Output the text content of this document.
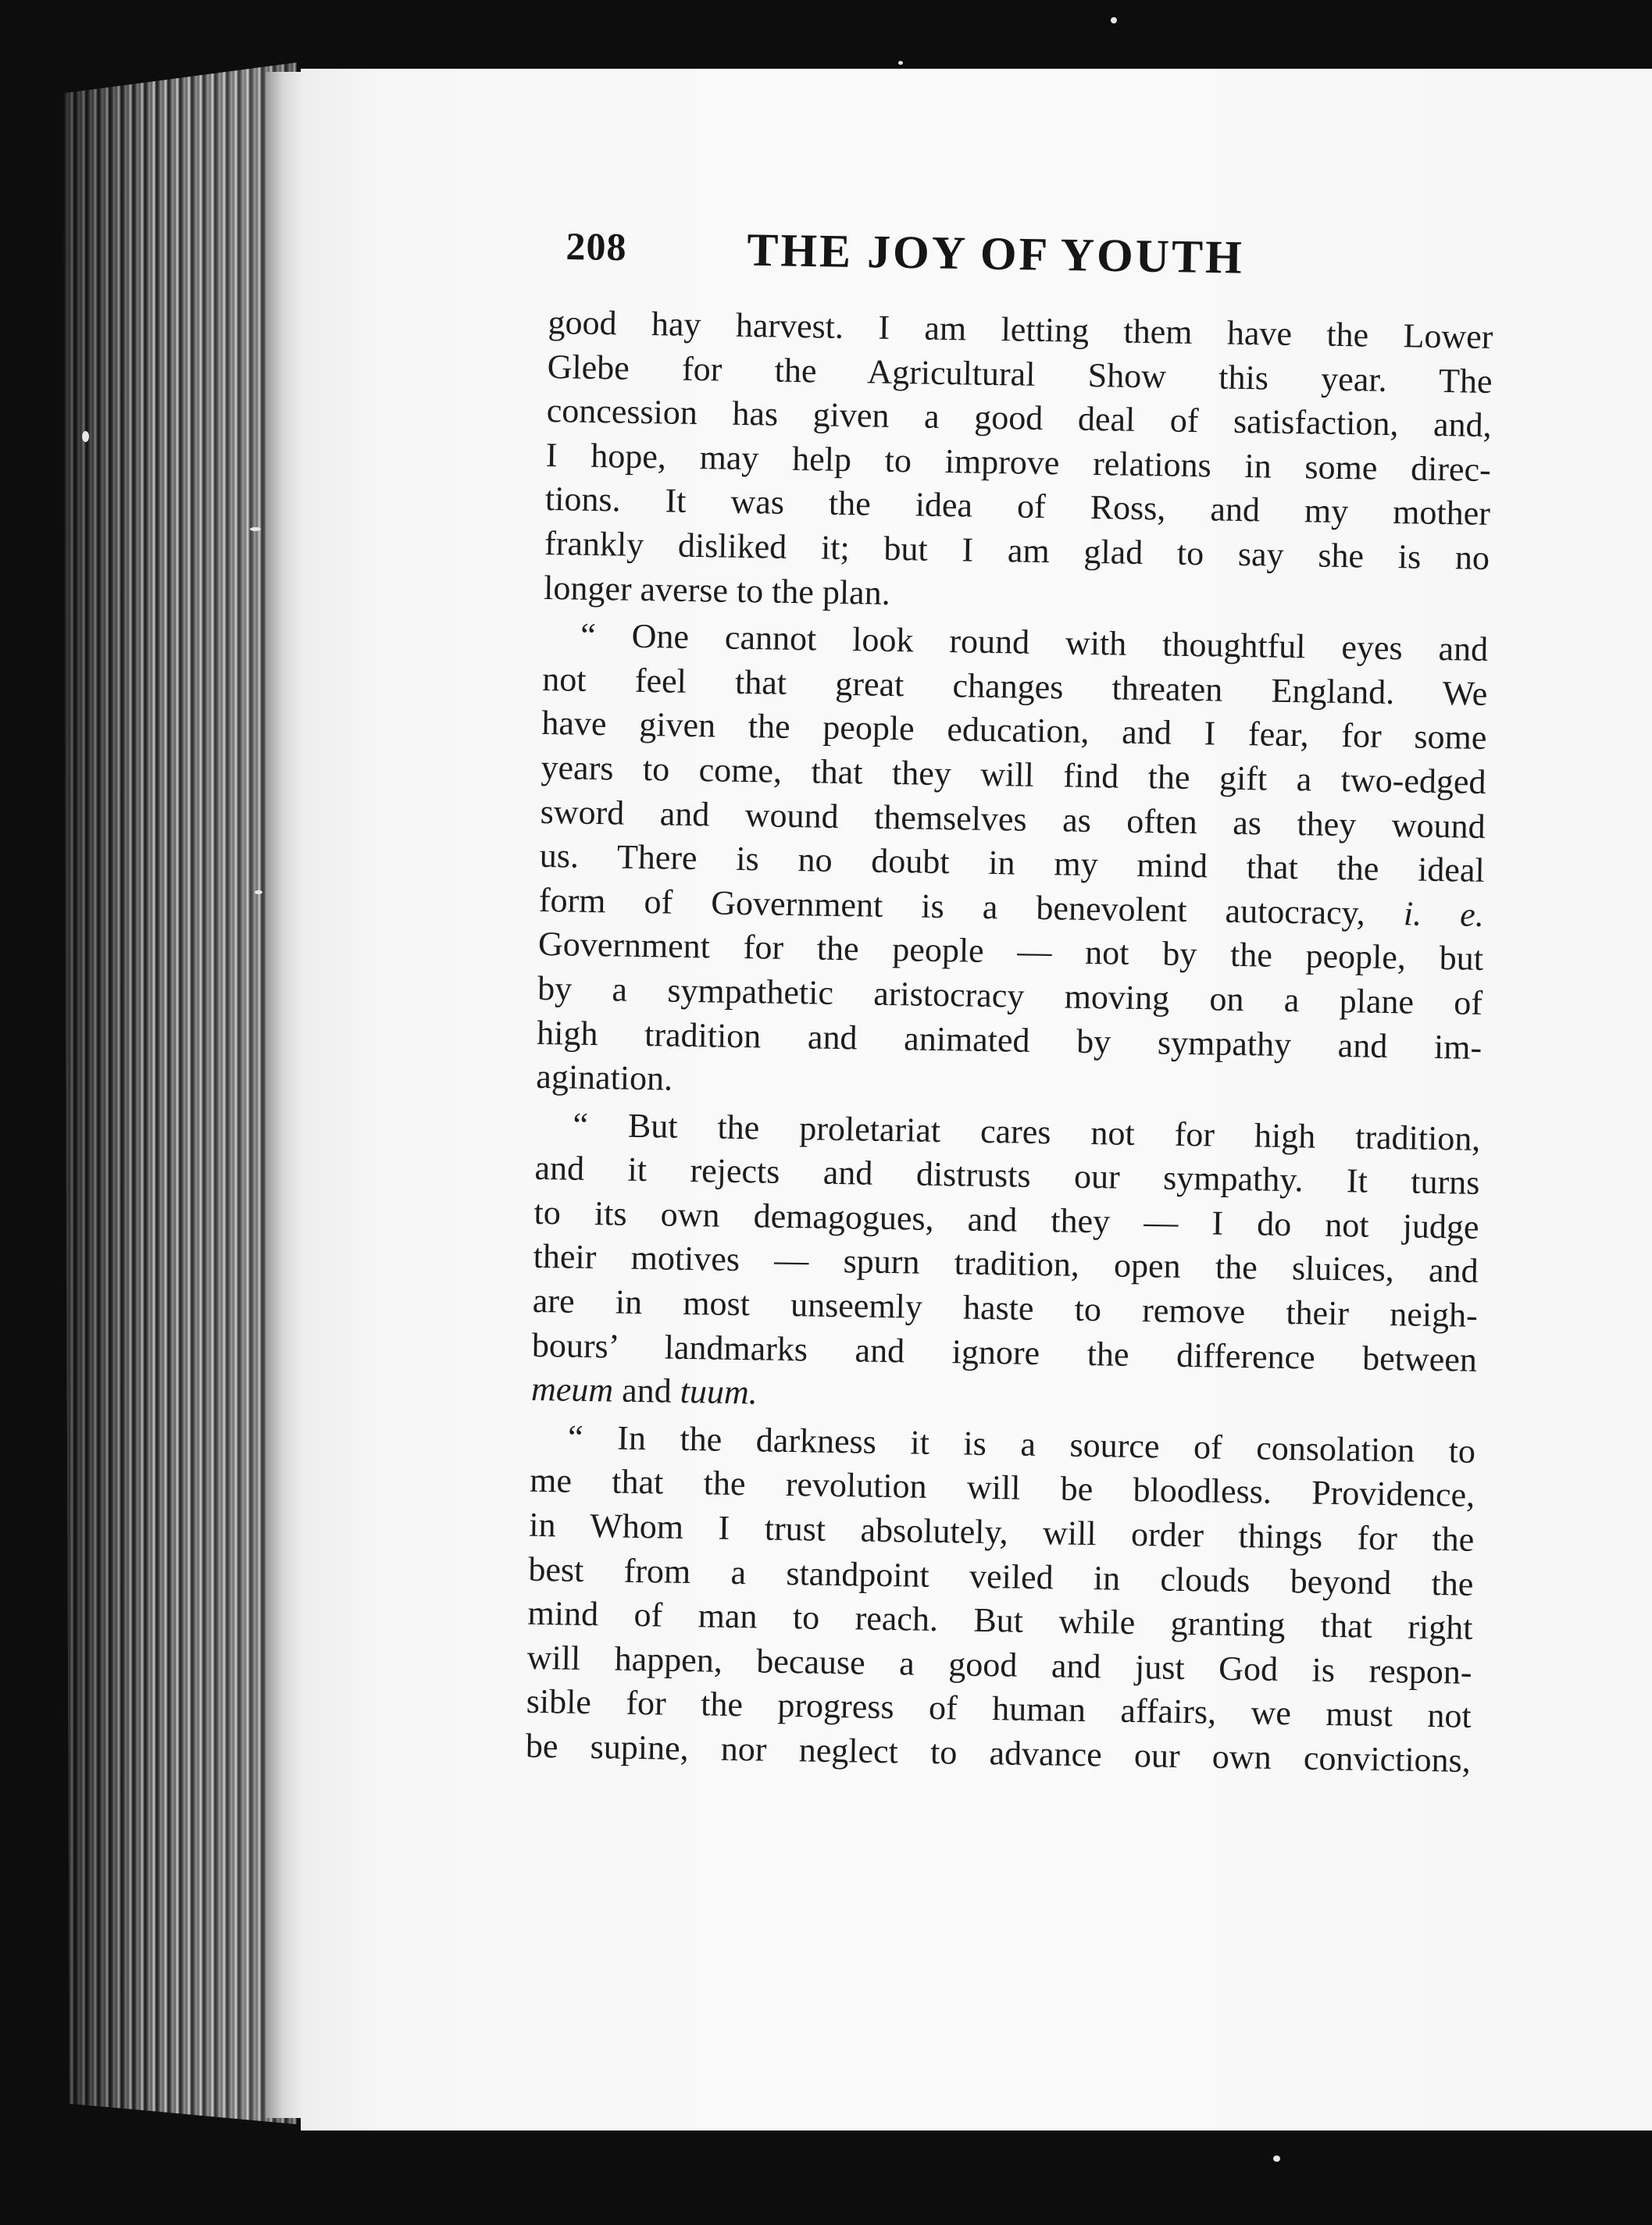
208	THE JOY OF YOUTH
good hay harvest. I am letting them have the Lower
Glebe for the Agricultural Show this year. The
concession has given a good deal of satisfaction, and,
I hope, may help to improve relations in some direc-
tions. It was the idea of Ross, and my mother
frankly disliked it; but I am glad to say she is no
longer averse to the plan.
“ One cannot look round with thoughtful eyes and
not feel that great changes threaten England. We
have given the people education, and I fear, for some
years to come, that they will find the gift a two-edged
sword and wound themselves as often as they wound
us. There is no doubt in my mind that the ideal
form of Government is a benevolent autocracy, i. e.
Government for the people — not by the people, but
by a sympathetic aristocracy moving on a plane of
high tradition and animated by sympathy and im-
agination.
“ But the proletariat cares not for high tradition,
and it rejects and distrusts our sympathy. It turns
to its own demagogues, and they — I do not judge
their motives — spurn tradition, open the sluices, and
are in most unseemly haste to remove their neigh-
bours’ landmarks and ignore the difference between
meum and tuum.
“ In the darkness it is a source of consolation to
me that the revolution will be bloodless. Providence,
in Whom I trust absolutely, will order things for the
best from a standpoint veiled in clouds beyond the
mind of man to reach. But while granting that right
will happen, because a good and just God is respon-
sible for the progress of human affairs, we must not
be supine, nor neglect to advance our own convictions,
